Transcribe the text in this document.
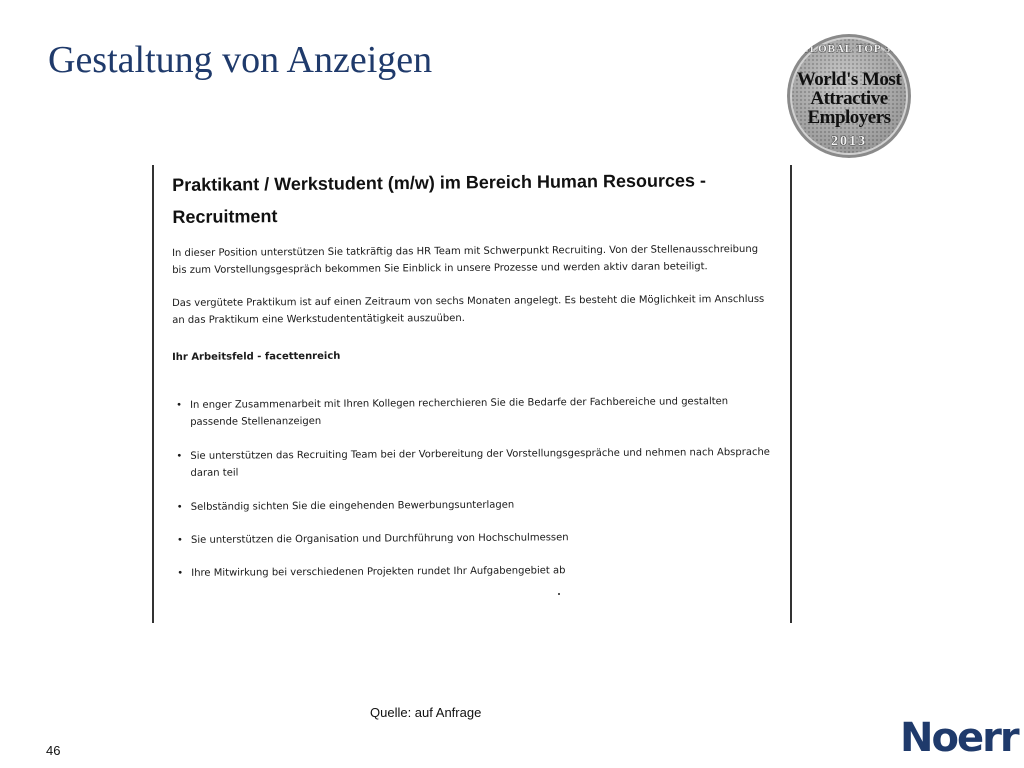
Gestaltung von Anzeigen	GLOBAL TOP 50
World's Most
Attractive
Employers
2013
Praktikant / Werkstudent (m/w) im Bereich Human Resources - Recruitment

In dieser Position unterstützen Sie tatkräftig das HR Team mit Schwerpunkt Recruiting. Von der Stellenausschreibung bis zum Vorstellungsgespräch bekommen Sie Einblick in unsere Prozesse und werden aktiv daran beteiligt.

Das vergütete Praktikum ist auf einen Zeitraum von sechs Monaten angelegt. Es besteht die Möglichkeit im Anschluss an das Praktikum eine Werkstudententätigkeit auszuüben.

Ihr Arbeitsfeld - facettenreich

• In enger Zusammenarbeit mit Ihren Kollegen recherchieren Sie die Bedarfe der Fachbereiche und gestalten passende Stellenanzeigen
• Sie unterstützen das Recruiting Team bei der Vorbereitung der Vorstellungsgespräche und nehmen nach Absprache daran teil
• Selbständig sichten Sie die eingehenden Bewerbungsunterlagen
• Sie unterstützen die Organisation und Durchführung von Hochschulmessen
• Ihre Mitwirkung bei verschiedenen Projekten rundet Ihr Aufgabengebiet ab
Quelle: auf Anfrage
46	Noerr
